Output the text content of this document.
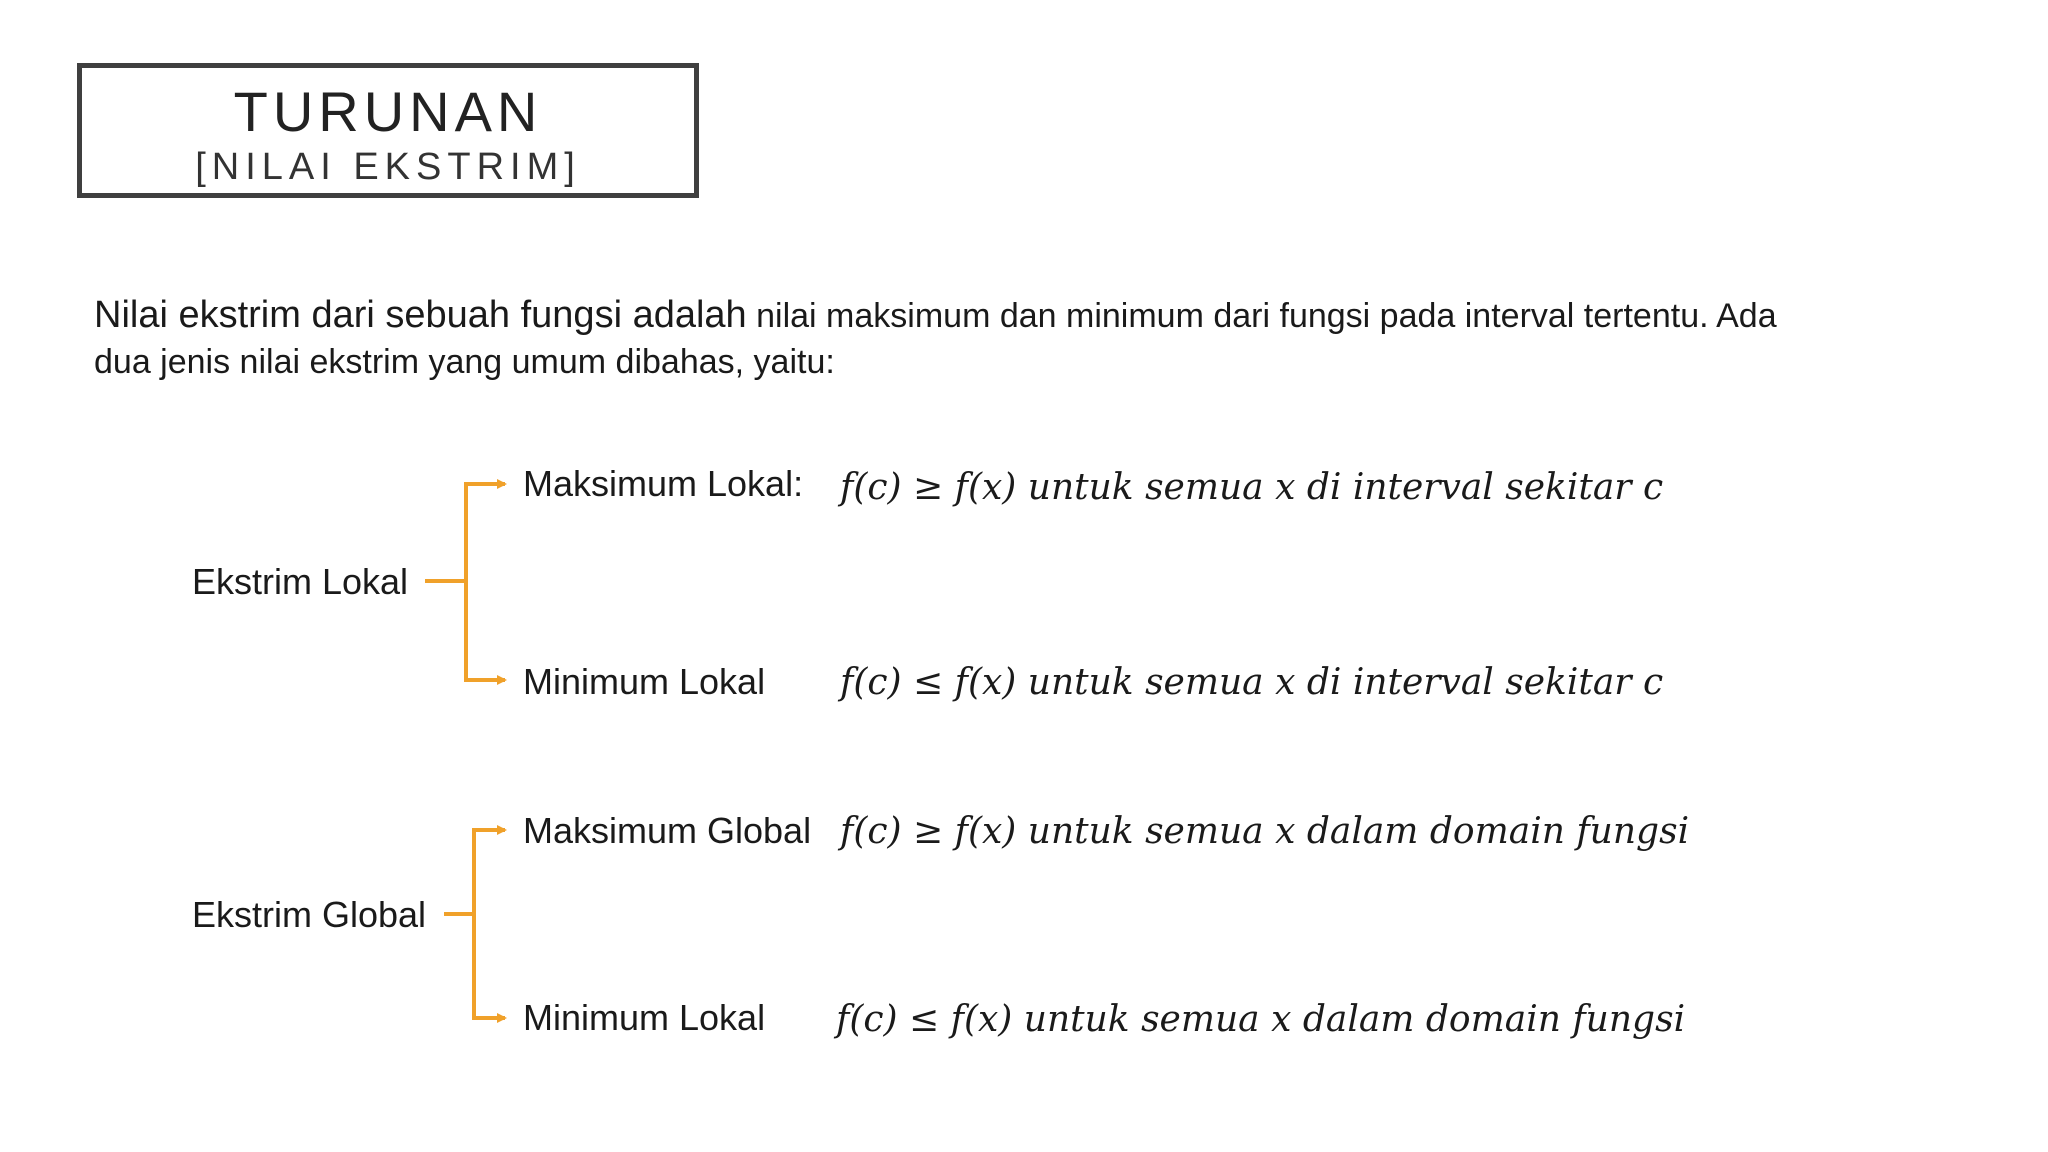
TURUNAN
[NILAI EKSTRIM]
Nilai ekstrim dari sebuah fungsi adalah nilai maksimum dan minimum dari fungsi pada interval tertentu. Ada dua jenis nilai ekstrim yang umum dibahas, yaitu:
Ekstrim Lokal
Maksimum Lokal: f(c) ≥ f(x) untuk semua x di interval sekitar c
Minimum Lokal f(c) ≤ f(x) untuk semua x di interval sekitar c
Ekstrim Global
Maksimum Global f(c) ≥ f(x) untuk semua x dalam domain fungsi
Minimum Lokal f(c) ≤ f(x) untuk semua x dalam domain fungsi
